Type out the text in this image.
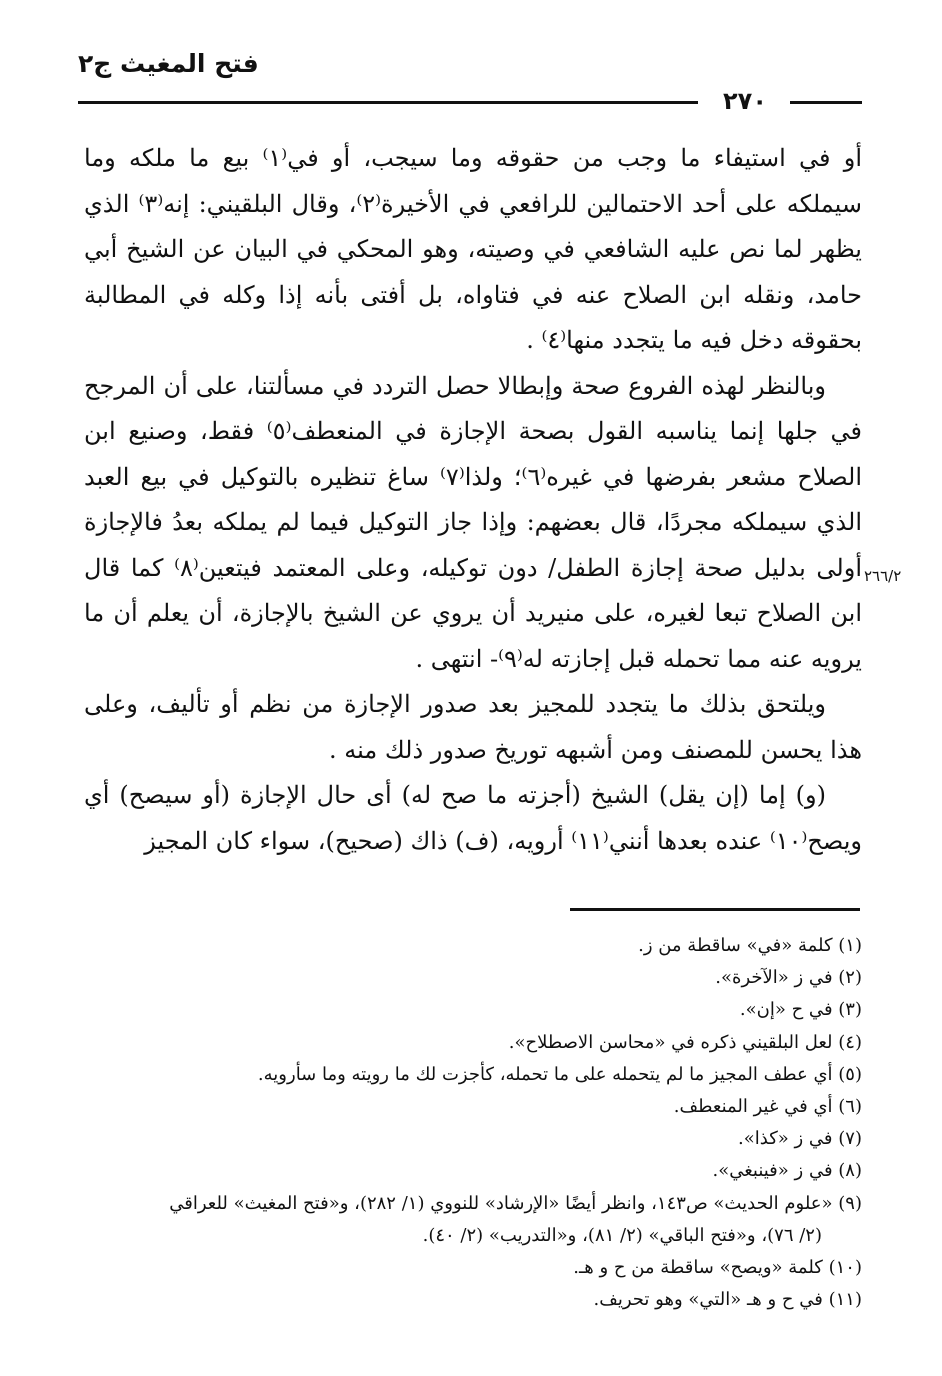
فتح المغيث ج٢
٢٧٠

أو في استيفاء ما وجب من حقوقه وما سيجب، أو في⁽١⁾ بيع ما ملكه وما سيملكه على أحد الاحتمالين للرافعي في الأخيرة⁽٢⁾، وقال البلقيني: إنه⁽٣⁾ الذي يظهر لما نص عليه الشافعي في وصيته، وهو المحكي في البيان عن الشيخ أبي حامد، ونقله ابن الصلاح عنه في فتاواه، بل أفتى بأنه إذا وكله في المطالبة بحقوقه دخل فيه ما يتجدد منها⁽٤⁾ .

وبالنظر لهذه الفروع صحة وإبطالا حصل التردد في مسألتنا، على أن المرجح في جلها إنما يناسبه القول بصحة الإجازة في المنعطف⁽٥⁾ فقط، وصنيع ابن الصلاح مشعر بفرضها في غيره⁽٦⁾؛ ولذا⁽٧⁾ ساغ تنظيره بالتوكيل في بيع العبد الذي سيملكه مجردًا، قال بعضهم: وإذا جاز التوكيل فيما لم يملكه بعدُ فالإجازة أولى بدليل صحة إجازة الطفل/ دون توكيله، وعلى المعتمد فيتعين⁽٨⁾ كما قال ابن الصلاح تبعا لغيره، على منيريد أن يروي عن الشيخ بالإجازة، أن يعلم أن ما يرويه عنه مما تحمله قبل إجازته له⁽٩⁾- انتهى .

ويلتحق بذلك ما يتجدد للمجيز بعد صدور الإجازة من نظم أو تأليف، وعلى هذا يحسن للمصنف ومن أشبهه توريخ صدور ذلك منه .

(و) إما (إن يقل) الشيخ (أجزته ما صح له) أى حال الإجازة (أو سيصح) أي ويصح⁽١٠⁾ عنده بعدها أنني⁽١١⁾ أرويه، (ف) ذاك (صحيح)، سواء كان المجيز

٢٦٦/٢

(١) كلمة «في» ساقطة من ز.

(٢) في ز «الآخرة».

(٣) في ح «إن».

(٤) لعل البلقيني ذكره في «محاسن الاصطلاح».

(٥) أي عطف المجيز ما لم يتحمله على ما تحمله، كأجزت لك ما رويته وما سأرويه.

(٦) أي في غير المنعطف.

(٧) في ز «كذا».

(٨) في ز «فينبغي».

(٩) «علوم الحديث» ص١٤٣، وانظر أيضًا «الإرشاد» للنووي (١/ ٢٨٢)، و«فتح المغيث» للعراقي

(٢/ ٧٦)، و«فتح الباقي» (٢/ ٨١)، و«التدريب» (٢/ ٤٠).

(١٠) كلمة «ويصح» ساقطة من ح و هـ.

(١١) في ح و هـ «التي» وهو تحريف.
